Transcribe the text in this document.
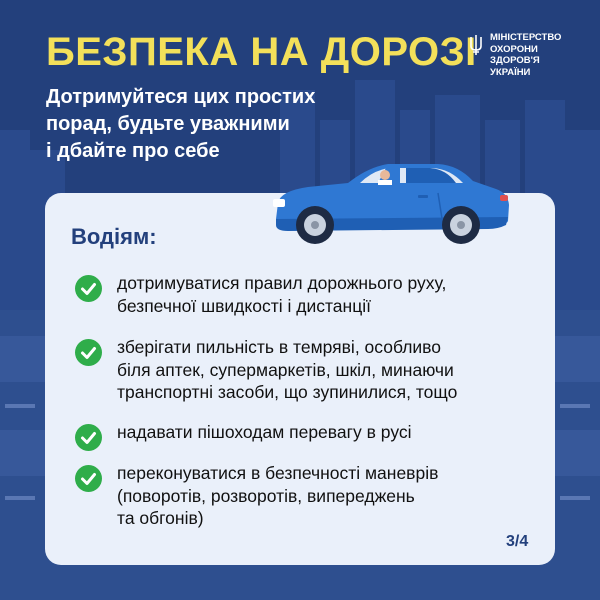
БЕЗПЕКА НА ДОРОЗІ
Дотримуйтеся цих простих
порад, будьте уважними
і дбайте про себе
МІНІСТЕРСТВО
ОХОРОНИ
ЗДОРОВ'Я
УКРАЇНИ
Водіям:
дотримуватися правил дорожнього руху,
безпечної швидкості і дистанції
зберігати пильність в темряві, особливо
біля аптек, супермаркетів, шкіл, минаючи
транспортні засоби, що зупинилися, тощо
надавати пішоходам перевагу в русі
переконуватися в безпечності маневрів
(поворотів, розворотів, випереджень
та обгонів)
3/4
